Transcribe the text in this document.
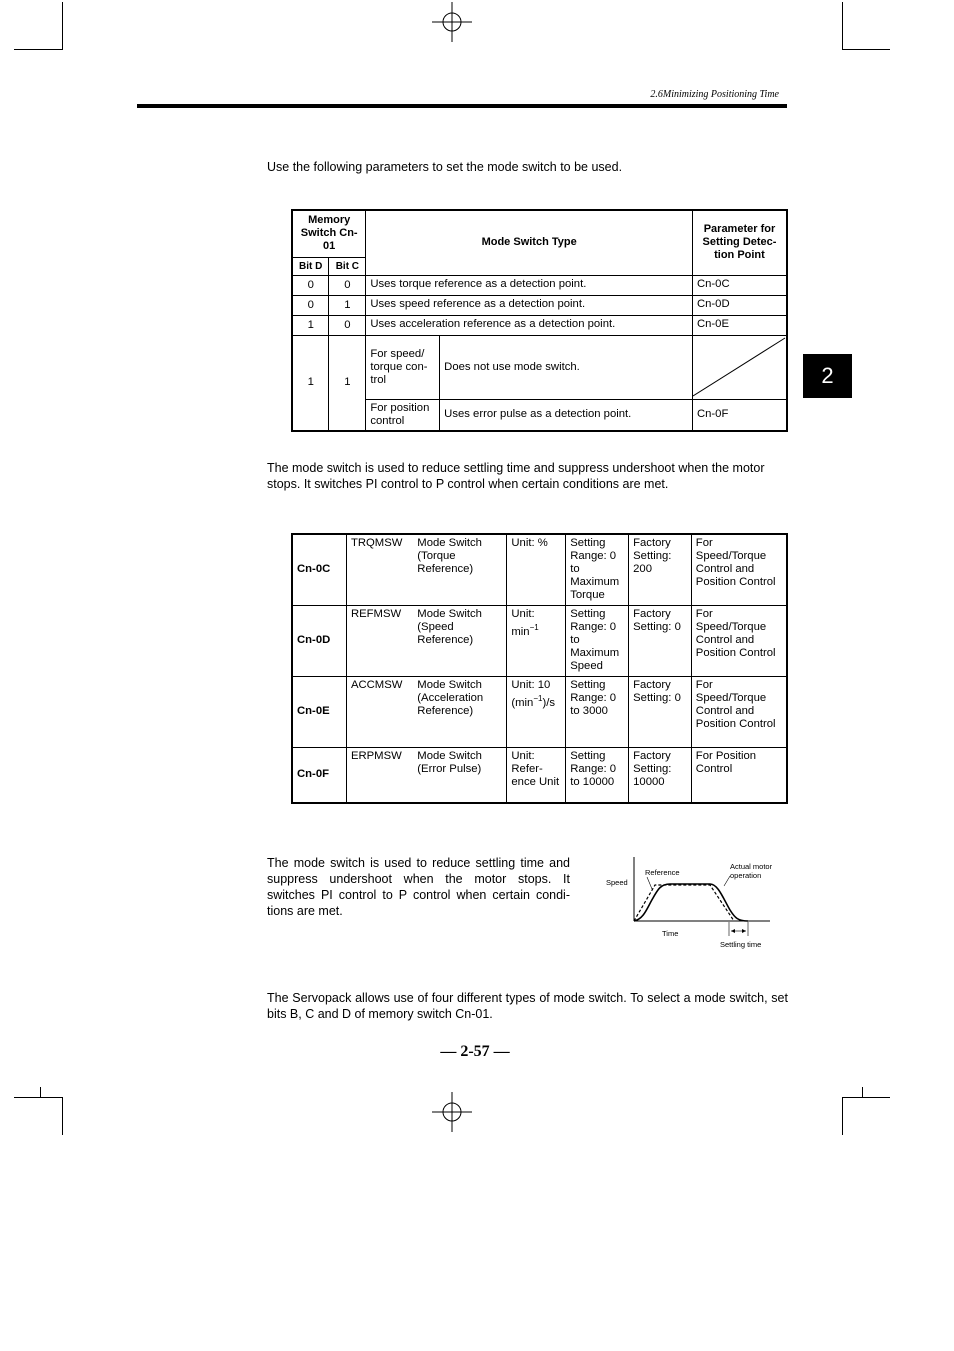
2.6Minimizing Positioning Time
2
Use the following parameters to set the mode switch to be used.
Memory Switch Cn-01		Mode Switch Type		Parameter for Setting Detec-tion Point
Bit D	Bit C			
0	0	Uses torque reference as a detection point.		Cn-0C
0	1	Uses speed reference as a detection point.		Cn-0D
1	0	Uses acceleration reference as a detection point.		Cn-0E
1	1	For speed/ torque con-trol	Does not use mode switch.	

		For position control	Uses error pulse as a detection point.	Cn-0F
The mode switch is used to reduce settling time and suppress undershoot when the motor stops. It switches PI control to P control when certain conditions are met.
Cn-0C	TRQMSW	Mode Switch (Torque Reference)	Unit: %	Setting Range: 0 to Maximum Torque	Factory Setting: 200	For Speed/Torque Control and Position Control
Cn-0D	REFMSW	Mode Switch (Speed Reference)	Unit: $\min^{-1}$	Setting Range: 0 to Maximum Speed	Factory Setting: 0	For Speed/Torque Control and Position Control
Cn-0E	ACCMSW	Mode Switch (Acceleration Reference)	Unit: 10 $(\min^{-1})/s$	Setting Range: 0 to 3000	Factory Setting: 0	For Speed/Torque Control and Position Control
Cn-0F	ERPMSW	Mode Switch (Error Pulse)	Unit: Refer-ence Unit	Setting Range: 0 to 10000	Factory Setting: 10000	For Position Control
The mode switch is used to reduce settling time and suppress undershoot when the motor stops. It switches PI control to P control when certain condi-tions are met.
Speed
Reference
Actual motor
operation
Time
Settling time
The Servopack allows use of four different types of mode switch. To select a mode switch, set bits B, C and D of memory switch Cn-01.
— 2-57 —
